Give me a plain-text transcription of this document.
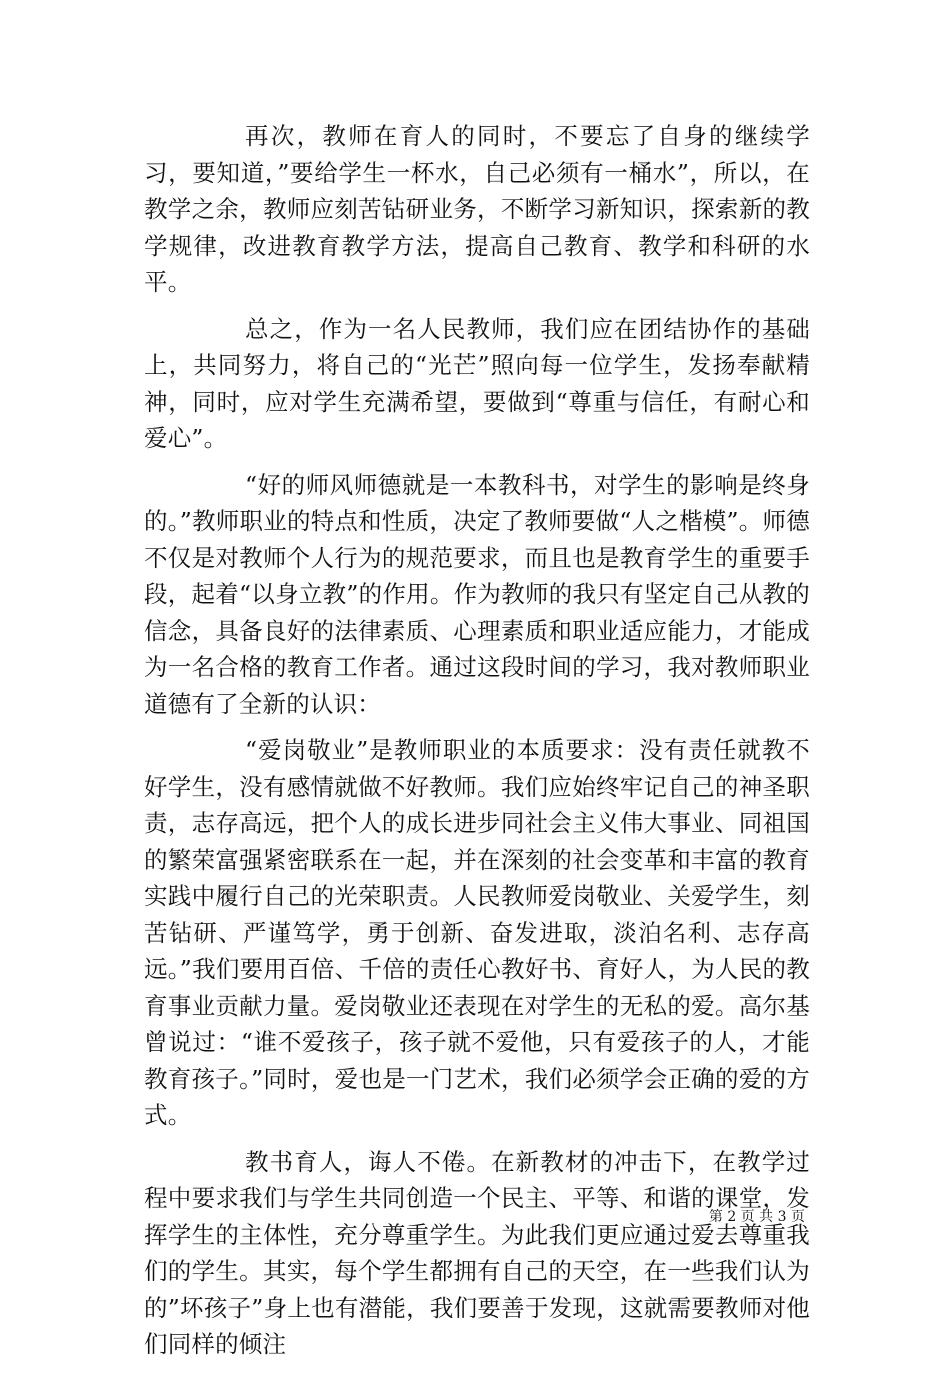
再次，教师在育人的同时，不要忘了自身的继续学习，要知道，”要给学生一杯水，自己必须有一桶水”，所以，在教学之余，教师应刻苦钻研业务，不断学习新知识，探索新的教学规律，改进教育教学方法，提高自己教育、教学和科研的水平。

总之，作为一名人民教师，我们应在团结协作的基础上，共同努力，将自己的“光芒”照向每一位学生，发扬奉献精神，同时，应对学生充满希望，要做到“尊重与信任，有耐心和爱心”。

“好的师风师德就是一本教科书，对学生的影响是终身的。”教师职业的特点和性质，决定了教师要做“人之楷模”。师德不仅是对教师个人行为的规范要求，而且也是教育学生的重要手段，起着“以身立教”的作用。作为教师的我只有坚定自己从教的信念，具备良好的法律素质、心理素质和职业适应能力，才能成为一名合格的教育工作者。通过这段时间的学习，我对教师职业道德有了全新的认识：

“爱岗敬业”是教师职业的本质要求：没有责任就教不好学生，没有感情就做不好教师。我们应始终牢记自己的神圣职责，志存高远，把个人的成长进步同社会主义伟大事业、同祖国的繁荣富强紧密联系在一起，并在深刻的社会变革和丰富的教育实践中履行自己的光荣职责。人民教师爱岗敬业、关爱学生，刻苦钻研、严谨笃学，勇于创新、奋发进取，淡泊名利、志存高远。”我们要用百倍、千倍的责任心教好书、育好人，为人民的教育事业贡献力量。爱岗敬业还表现在对学生的无私的爱。高尔基曾说过：“谁不爱孩子，孩子就不爱他，只有爱孩子的人，才能教育孩子。”同时，爱也是一门艺术，我们必须学会正确的爱的方式。

教书育人，诲人不倦。在新教材的冲击下，在教学过程中要求我们与学生共同创造一个民主、平等、和谐的课堂，发挥学生的主体性，充分尊重学生。为此我们更应通过爱去尊重我们的学生。其实，每个学生都拥有自己的天空，在一些我们认为的”坏孩子”身上也有潜能，我们要善于发现，这就需要教师对他们同样的倾注

第 2 页 共 3 页
